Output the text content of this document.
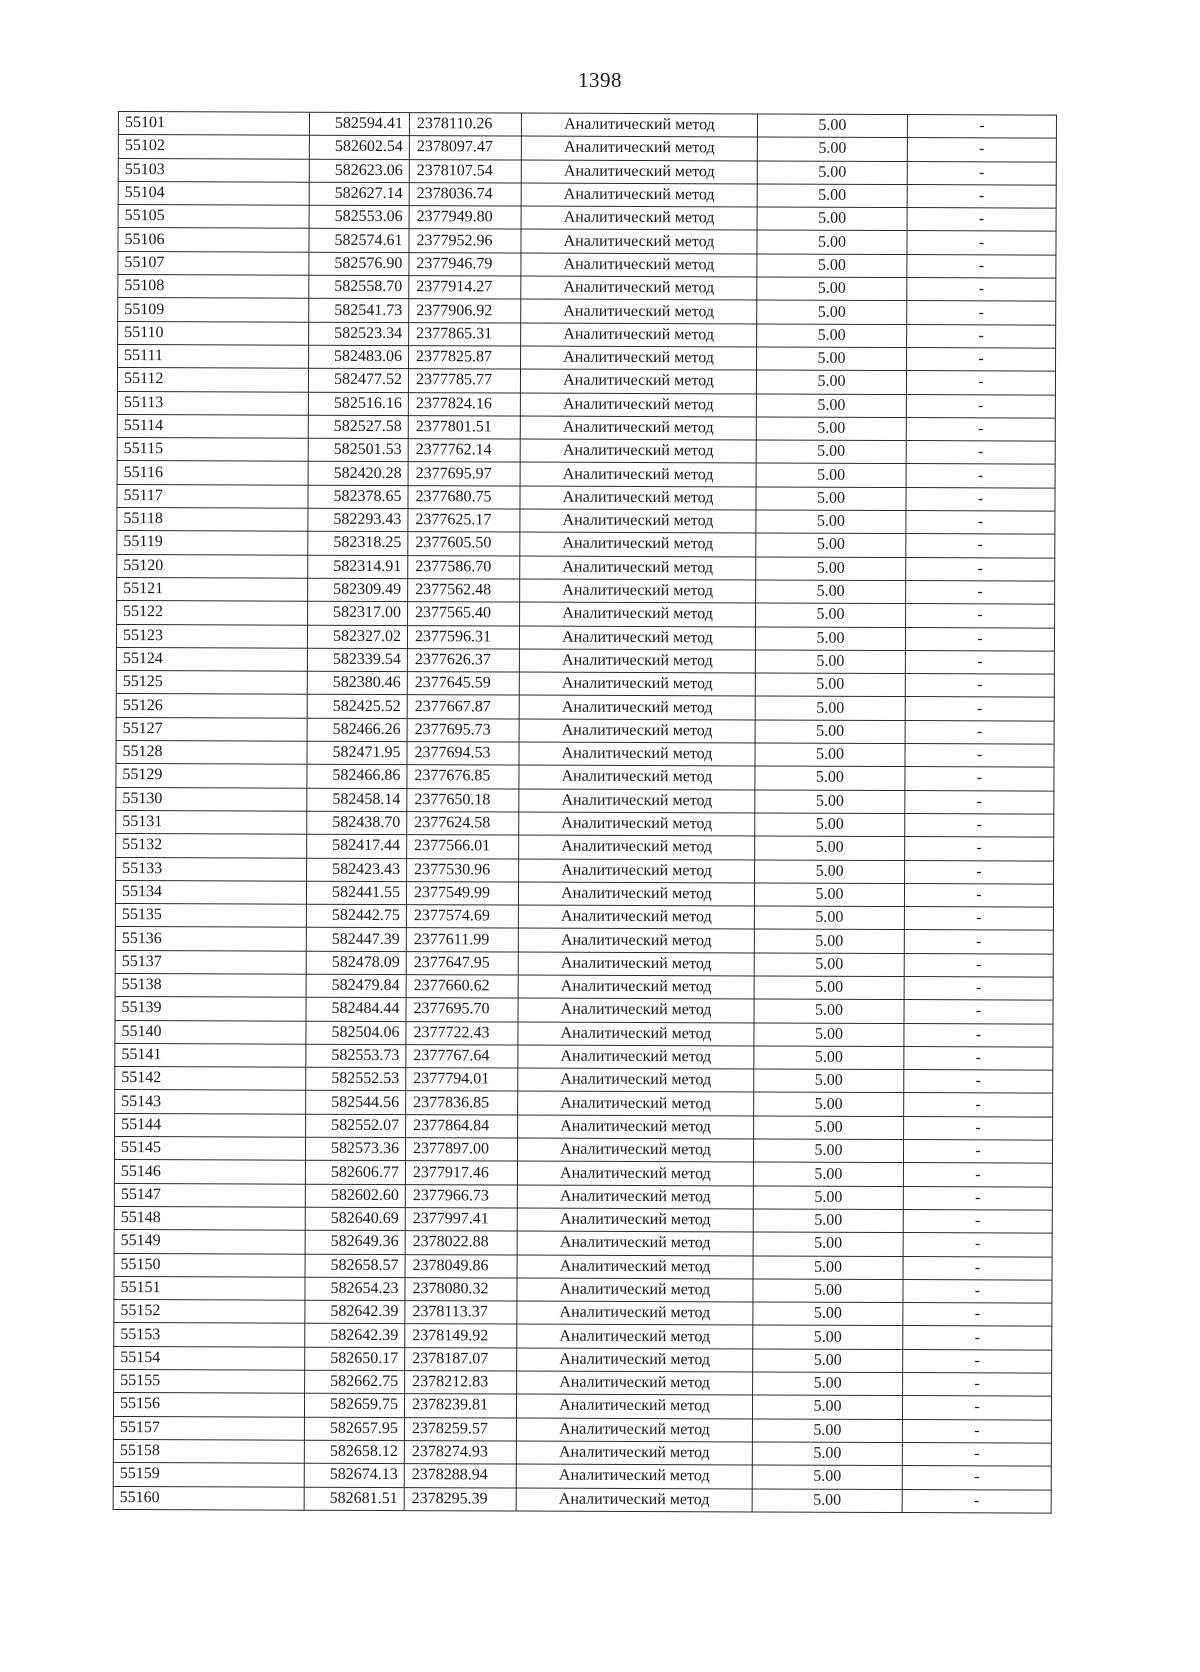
1398
55101	582594.41	2378110.26	Аналитический метод	5.00	-
55102	582602.54	2378097.47	Аналитический метод	5.00	-
55103	582623.06	2378107.54	Аналитический метод	5.00	-
55104	582627.14	2378036.74	Аналитический метод	5.00	-
55105	582553.06	2377949.80	Аналитический метод	5.00	-
55106	582574.61	2377952.96	Аналитический метод	5.00	-
55107	582576.90	2377946.79	Аналитический метод	5.00	-
55108	582558.70	2377914.27	Аналитический метод	5.00	-
55109	582541.73	2377906.92	Аналитический метод	5.00	-
55110	582523.34	2377865.31	Аналитический метод	5.00	-
55111	582483.06	2377825.87	Аналитический метод	5.00	-
55112	582477.52	2377785.77	Аналитический метод	5.00	-
55113	582516.16	2377824.16	Аналитический метод	5.00	-
55114	582527.58	2377801.51	Аналитический метод	5.00	-
55115	582501.53	2377762.14	Аналитический метод	5.00	-
55116	582420.28	2377695.97	Аналитический метод	5.00	-
55117	582378.65	2377680.75	Аналитический метод	5.00	-
55118	582293.43	2377625.17	Аналитический метод	5.00	-
55119	582318.25	2377605.50	Аналитический метод	5.00	-
55120	582314.91	2377586.70	Аналитический метод	5.00	-
55121	582309.49	2377562.48	Аналитический метод	5.00	-
55122	582317.00	2377565.40	Аналитический метод	5.00	-
55123	582327.02	2377596.31	Аналитический метод	5.00	-
55124	582339.54	2377626.37	Аналитический метод	5.00	-
55125	582380.46	2377645.59	Аналитический метод	5.00	-
55126	582425.52	2377667.87	Аналитический метод	5.00	-
55127	582466.26	2377695.73	Аналитический метод	5.00	-
55128	582471.95	2377694.53	Аналитический метод	5.00	-
55129	582466.86	2377676.85	Аналитический метод	5.00	-
55130	582458.14	2377650.18	Аналитический метод	5.00	-
55131	582438.70	2377624.58	Аналитический метод	5.00	-
55132	582417.44	2377566.01	Аналитический метод	5.00	-
55133	582423.43	2377530.96	Аналитический метод	5.00	-
55134	582441.55	2377549.99	Аналитический метод	5.00	-
55135	582442.75	2377574.69	Аналитический метод	5.00	-
55136	582447.39	2377611.99	Аналитический метод	5.00	-
55137	582478.09	2377647.95	Аналитический метод	5.00	-
55138	582479.84	2377660.62	Аналитический метод	5.00	-
55139	582484.44	2377695.70	Аналитический метод	5.00	-
55140	582504.06	2377722.43	Аналитический метод	5.00	-
55141	582553.73	2377767.64	Аналитический метод	5.00	-
55142	582552.53	2377794.01	Аналитический метод	5.00	-
55143	582544.56	2377836.85	Аналитический метод	5.00	-
55144	582552.07	2377864.84	Аналитический метод	5.00	-
55145	582573.36	2377897.00	Аналитический метод	5.00	-
55146	582606.77	2377917.46	Аналитический метод	5.00	-
55147	582602.60	2377966.73	Аналитический метод	5.00	-
55148	582640.69	2377997.41	Аналитический метод	5.00	-
55149	582649.36	2378022.88	Аналитический метод	5.00	-
55150	582658.57	2378049.86	Аналитический метод	5.00	-
55151	582654.23	2378080.32	Аналитический метод	5.00	-
55152	582642.39	2378113.37	Аналитический метод	5.00	-
55153	582642.39	2378149.92	Аналитический метод	5.00	-
55154	582650.17	2378187.07	Аналитический метод	5.00	-
55155	582662.75	2378212.83	Аналитический метод	5.00	-
55156	582659.75	2378239.81	Аналитический метод	5.00	-
55157	582657.95	2378259.57	Аналитический метод	5.00	-
55158	582658.12	2378274.93	Аналитический метод	5.00	-
55159	582674.13	2378288.94	Аналитический метод	5.00	-
55160	582681.51	2378295.39	Аналитический метод	5.00	-
